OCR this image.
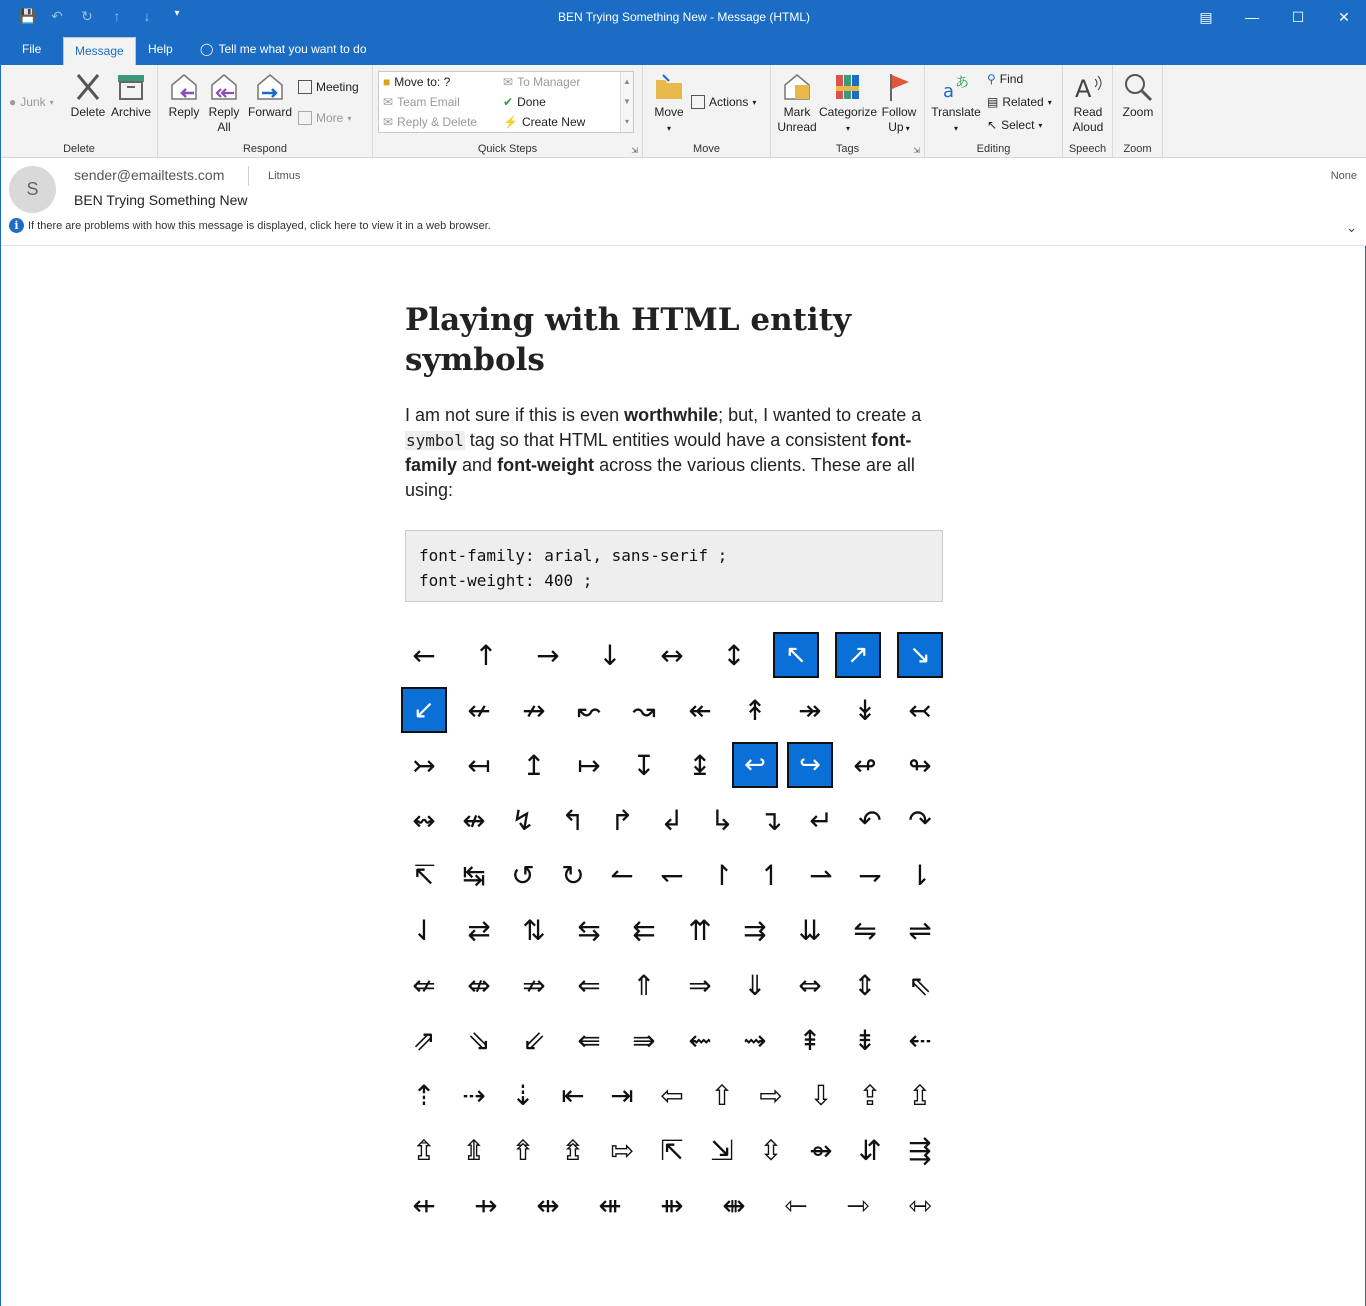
💾 ↶ ↻	↑	↓	▾	BEN Trying Something New - Message (HTML)	▤	—	☐	✕
File	Message	Help	◯ Tell me what you want to do
● Junk ▾
Delete Archive
Delete
Reply Reply
All
Forward
Meeting
More ▾
Respond	Quick Steps	⇲
■ Move to: ?	✉ To Manager
✉ Team Email	✔ Done
✉ Reply & Delete ⚡ Create New
▲
▼
▾
Move
▾
Actions ▾
Move
Mark
Unread
Categorize
▾
Follow
Up ▾
Tags	⇲
a あ
Translate
▾
⚲ Find
▤ Related ▾
↖ Select ▾
Editing
A
Read
Aloud
Speech
Zoom
Zoom
S
sender@emailtests.com	Litmus
BEN Trying Something New
None
i If there are problems with how this message is displayed, click here to view it in a web browser.	⌄
Playing with HTML entity symbols
I am not sure if this is even worthwhile; but, I wanted to create a symbol tag so that HTML entities would have a consistent font-family and font-weight across the various clients. These are all using:
font-family: arial, sans-serif ;
font-weight: 400 ;
←	↑	→	↓	↔	↕	↖	↗	↘
↙	↚	↛	↜	↝	↞	↟	↠	↡	↢
↣	↤	↥	↦	↧	↨	↩	↪	↫	↬
↭ ↮ ↯ ↰ ↱ ↲ ↳ ↴ ↵ ↶ ↷
↸ ↹ ↺ ↻ ↼ ↽ ↾ ↿ ⇀ ⇁ ⇂
⇃	⇄	⇅	⇆	⇇	⇈	⇉	⇊	⇋	⇌
⇍	⇎	⇏	⇐	⇑	⇒	⇓	⇔	⇕	⇖
⇗	⇘	⇙	⇚	⇛	⇜	⇝	⇞	⇟	⇠
⇡ ⇢ ⇣ ⇤ ⇥ ⇦ ⇧ ⇨ ⇩ ⇪ ⇫
⇬ ⇭ ⇮ ⇯ ⇰ ⇱ ⇲ ⇳ ⇴ ⇵ ⇶
⇷	⇸	⇹	⇺	⇻	⇼	⇽	⇾	⇿
